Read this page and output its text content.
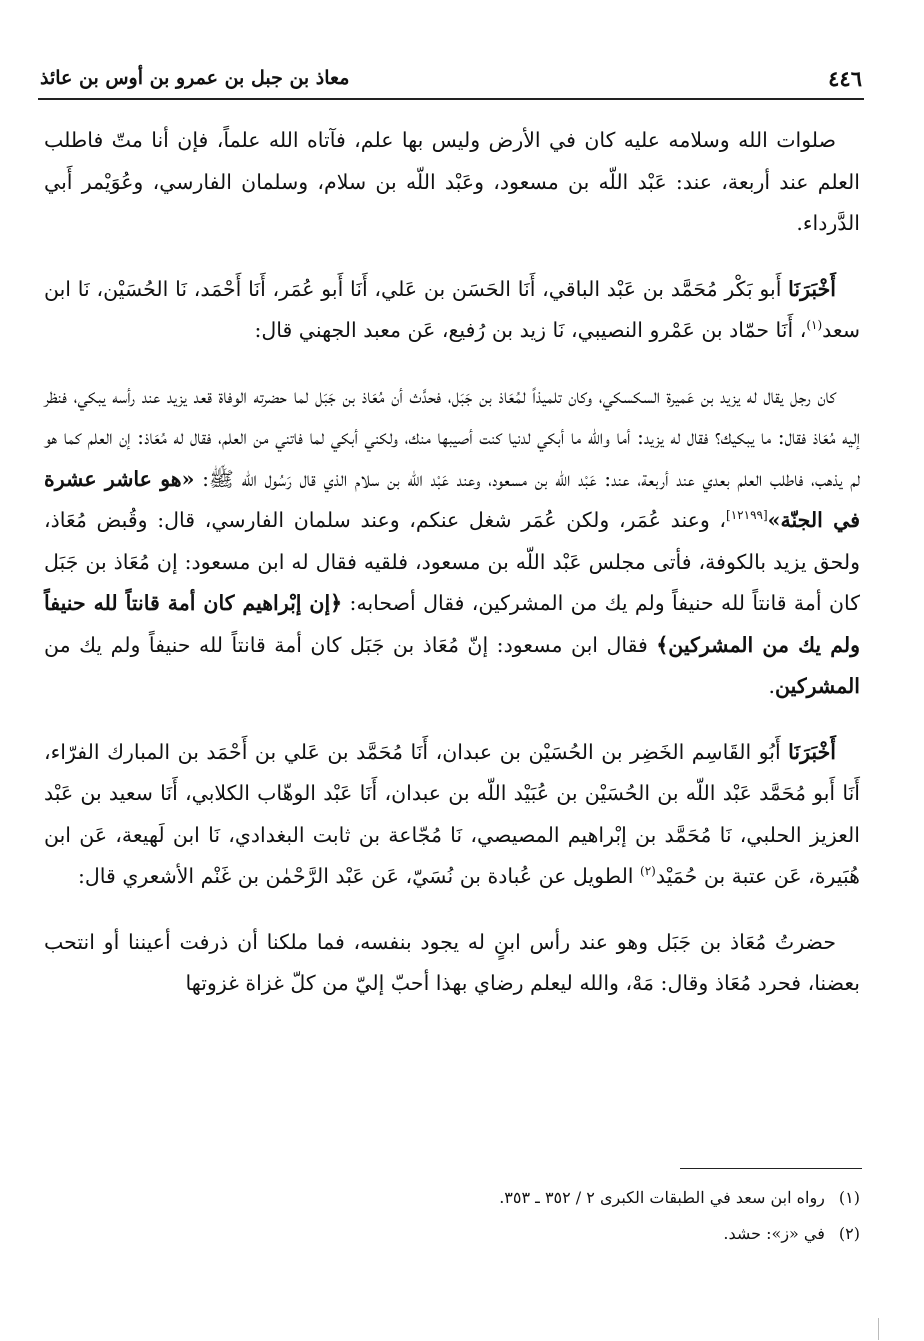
٤٤٦
معاذ بن جبل بن عمرو بن أوس بن عائذ

صلوات الله وسلامه عليه كان في الأرض وليس بها علم، فآتاه الله علماً، فإن أنا متّ فاطلب العلم عند أربعة، عند: عَبْد اللّه بن مسعود، وعَبْد اللّه بن سلام، وسلمان الفارسي، وعُوَيْمر أَبي الدَّرداء.

أَخْبَرَنَا أَبو بَكْر مُحَمَّد بن عَبْد الباقي، أَنَا الحَسَن بن عَلي، أَنَا أَبو عُمَر، أَنَا أَحْمَد، نَا الحُسَيْن، نَا ابن سعد$^{(١)}$، أَنَا حمّاد بن عَمْرو النصيبي، نَا زيد بن رُفيع، عَن معبد الجهني قال:

كان رجل يقال له يزيد بن عَميرة السكسكي، وكان تلميذاً لمُعَاذ بن جَبَل، فحدَّث أن مُعَاذ بن جَبَل لما حضرته الوفاة قعد يزيد عند رأسه يبكي، فنظر إليه مُعَاذ فقال: ما يبكيك؟ فقال له يزيد: أما والله ما أبكي لدنيا كنت أصيبها منك، ولكني أبكي لما فاتني من العلم، فقال له مُعَاذ: إن العلم كما هو لم يذهب، فاطلب العلم بعدي عند أربعة، عند: عَبْد اللّه بن مسعود، وعند عَبْد اللّه بن سلام الذي قال رَسُول الله ﷺ: «هو عاشر عشرة في الجنّة»[١٢١٩٩]، وعند عُمَر، ولكن عُمَر شغل عنكم، وعند سلمان الفارسي، قال: وقُبض مُعَاذ، ولحق يزيد بالكوفة، فأتى مجلس عَبْد اللّه بن مسعود، فلقيه فقال له ابن مسعود: إن مُعَاذ بن جَبَل كان أمة قانتاً لله حنيفاً ولم يك من المشركين، فقال أصحابه: ﴿إن إبْراهيم كان أمة قانتاً لله حنيفاً ولم يك من المشركين﴾ فقال ابن مسعود: إنّ مُعَاذ بن جَبَل كان أمة قانتاً لله حنيفاً ولم يك من المشركين.

أَخْبَرَنَا أَبُو القَاسِم الخَضِر بن الحُسَيْن بن عبدان، أَنَا مُحَمَّد بن عَلي بن أَحْمَد بن المبارك الفرّاء، أَنَا أَبو مُحَمَّد عَبْد اللّه بن الحُسَيْن بن عُبَيْد اللّه بن عبدان، أَنَا عَبْد الوهّاب الكلابي، أَنَا سعيد بن عَبْد العزيز الحلبي، نَا مُحَمَّد بن إبْراهيم المصيصي، نَا مُجّاعة بن ثابت البغدادي، نَا ابن لَهيعة، عَن ابن هُبَيرة، عَن عتبة بن حُمَيْد$^{(٢)}$ الطويل عن عُبادة بن نُسَيّ، عَن عَبْد الرَّحْمٰن بن غَنْم الأشعري قال:

حضرتُ مُعَاذ بن جَبَل وهو عند رأس ابنٍ له يجود بنفسه، فما ملكنا أن ذرفت أعيننا أو انتحب بعضنا، فحرد مُعَاذ وقال: مَهْ، والله ليعلم رضاي بهذا أحبّ إليّ من كلّ غزاة غزوتها

(١)رواه ابن سعد في الطبقات الكبرى ٢ / ٣٥٢ ـ ٣٥٣.

(٢)في «ز»: حشد.
